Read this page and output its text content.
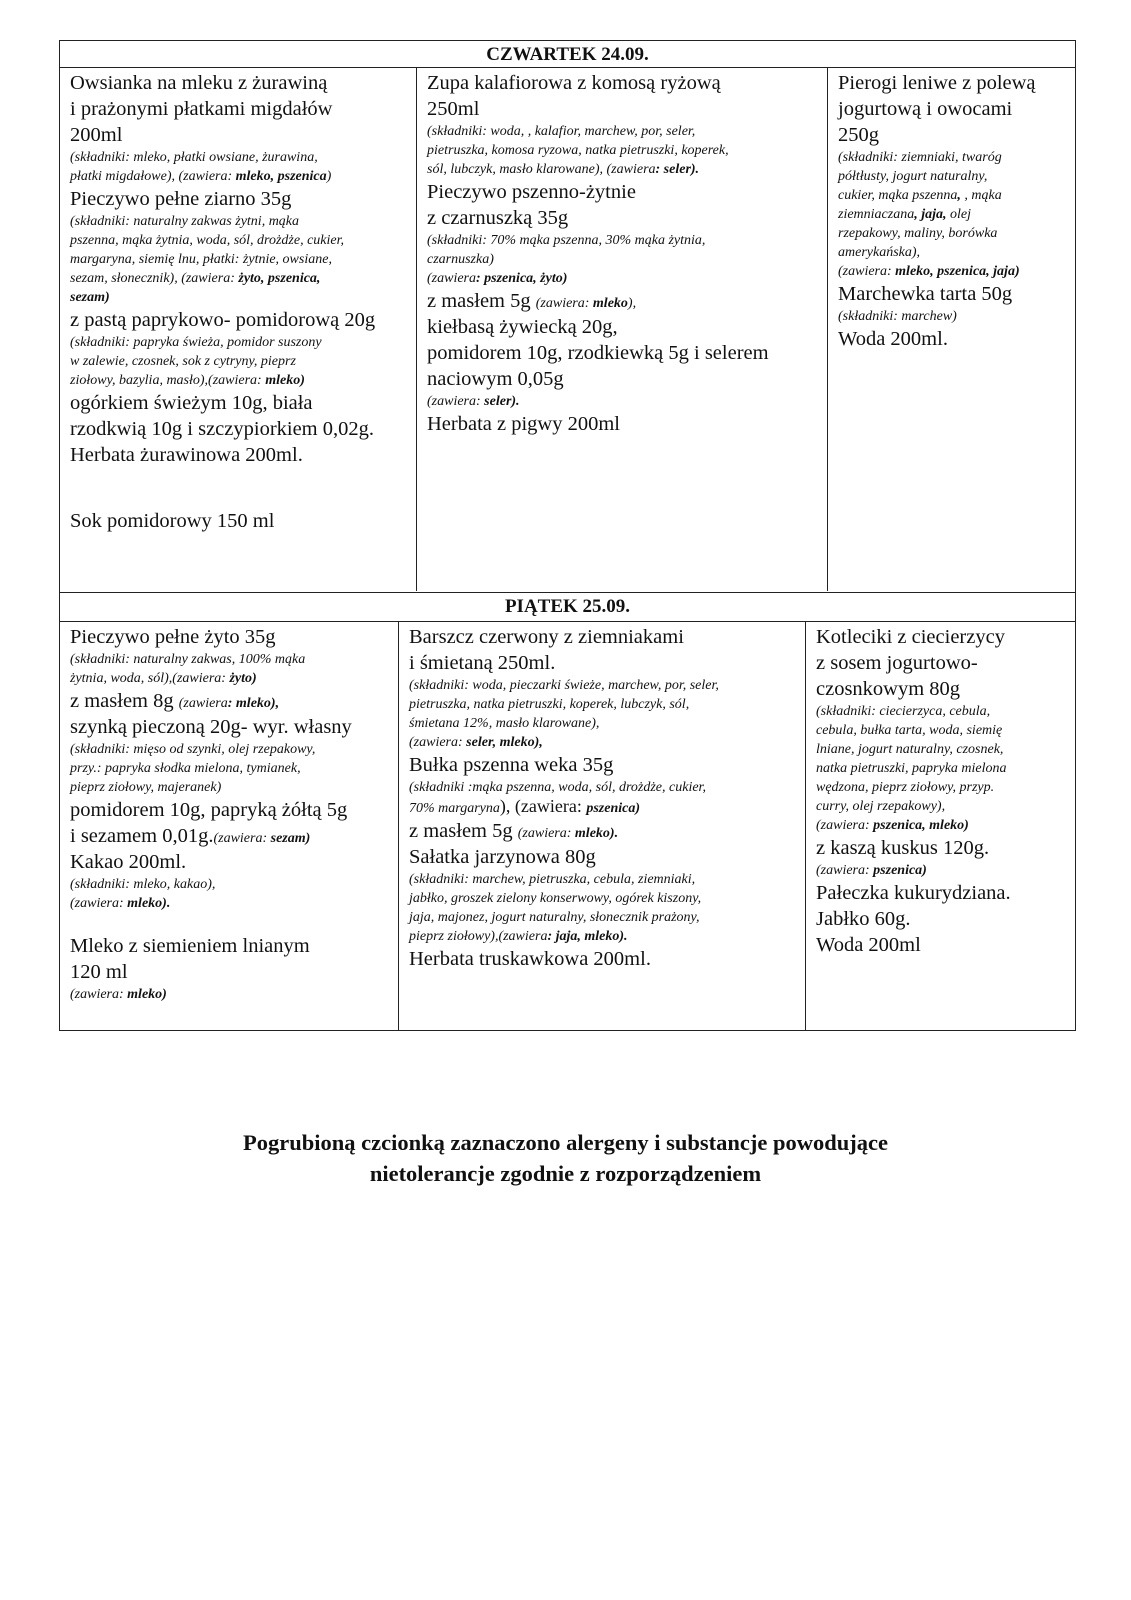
CZWARTEK 24.09.
Owsianka na mleku z żurawiną
i prażonymi płatkami migdałów
200ml
(składniki: mleko, płatki owsiane, żurawina,
płatki migdałowe), (zawiera: mleko, pszenica)
Pieczywo pełne ziarno 35g
(składniki: naturalny zakwas żytni, mąka
pszenna, mąka żytnia, woda, sól, drożdże, cukier,
margaryna, siemię lnu, płatki: żytnie, owsiane,
sezam, słonecznik), (zawiera: żyto, pszenica,
sezam)
z pastą paprykowo- pomidorową 20g
(składniki: papryka świeża, pomidor suszony
w zalewie, czosnek, sok z cytryny, pieprz
ziołowy, bazylia, masło),(zawiera: mleko)
ogórkiem świeżym 10g, biała
rzodkwią 10g i szczypiorkiem 0,02g.
Herbata żurawinowa 200ml.
Sok pomidorowy 150 ml
Zupa kalafiorowa z komosą ryżową
250ml
(składniki: woda, , kalafior, marchew, por, seler,
pietruszka, komosa ryzowa, natka pietruszki, koperek,
sól, lubczyk, masło klarowane), (zawiera: seler).
Pieczywo pszenno-żytnie
z czarnuszką 35g
(składniki: 70% mąka pszenna, 30% mąka żytnia,
czarnuszka)
(zawiera: pszenica, żyto)
z masłem 5g (zawiera: mleko),
kiełbasą żywiecką 20g,
pomidorem 10g, rzodkiewką 5g i selerem
naciowym 0,05g
(zawiera: seler).
Herbata z pigwy 200ml
Pierogi leniwe z polewą
jogurtową i owocami
250g
(składniki: ziemniaki, twaróg
półtłusty, jogurt naturalny,
cukier, mąka pszenna, , mąka
ziemniaczana, jaja, olej
rzepakowy, maliny, borówka
amerykańska),
(zawiera: mleko, pszenica, jaja)
Marchewka tarta 50g
(składniki: marchew)
Woda 200ml.
PIĄTEK 25.09.
Pieczywo pełne żyto 35g
(składniki: naturalny zakwas, 100% mąka
żytnia, woda, sól),(zawiera: żyto)
z masłem 8g (zawiera: mleko),
szynką pieczoną 20g- wyr. własny
(składniki: mięso od szynki, olej rzepakowy,
przy.: papryka słodka mielona, tymianek,
pieprz ziołowy, majeranek)
pomidorem 10g, papryką żółtą 5g
i sezamem 0,01g.(zawiera: sezam)
Kakao 200ml.
(składniki: mleko, kakao),
(zawiera: mleko).
Mleko z siemieniem lnianym
120 ml
(zawiera: mleko)
Barszcz czerwony z ziemniakami
i śmietaną 250ml.
(składniki: woda, pieczarki świeże, marchew, por, seler,
pietruszka, natka pietruszki, koperek, lubczyk, sól,
śmietana 12%, masło klarowane),
(zawiera: seler, mleko),
Bułka pszenna weka 35g
(składniki :mąka pszenna, woda, sól, drożdże, cukier,
70% margaryna), (zawiera: pszenica)
z masłem 5g (zawiera: mleko).
Sałatka jarzynowa 80g
(składniki: marchew, pietruszka, cebula, ziemniaki,
jabłko, groszek zielony konserwowy, ogórek kiszony,
jaja, majonez, jogurt naturalny, słonecznik prażony,
pieprz ziołowy),(zawiera: jaja, mleko).
Herbata truskawkowa 200ml.
Kotleciki z ciecierzycy
z sosem jogurtowo-
czosnkowym 80g
(składniki: ciecierzyca, cebula,
cebula, bułka tarta, woda, siemię
lniane, jogurt naturalny, czosnek,
natka pietruszki, papryka mielona
wędzona, pieprz ziołowy, przyp.
curry, olej rzepakowy),
(zawiera: pszenica, mleko)
z kaszą kuskus 120g.
(zawiera: pszenica)
Pałeczka kukurydziana.
Jabłko 60g.
Woda 200ml
Pogrubioną czcionką zaznaczono alergeny i substancje powodujące
nietolerancje zgodnie z rozporządzeniem
